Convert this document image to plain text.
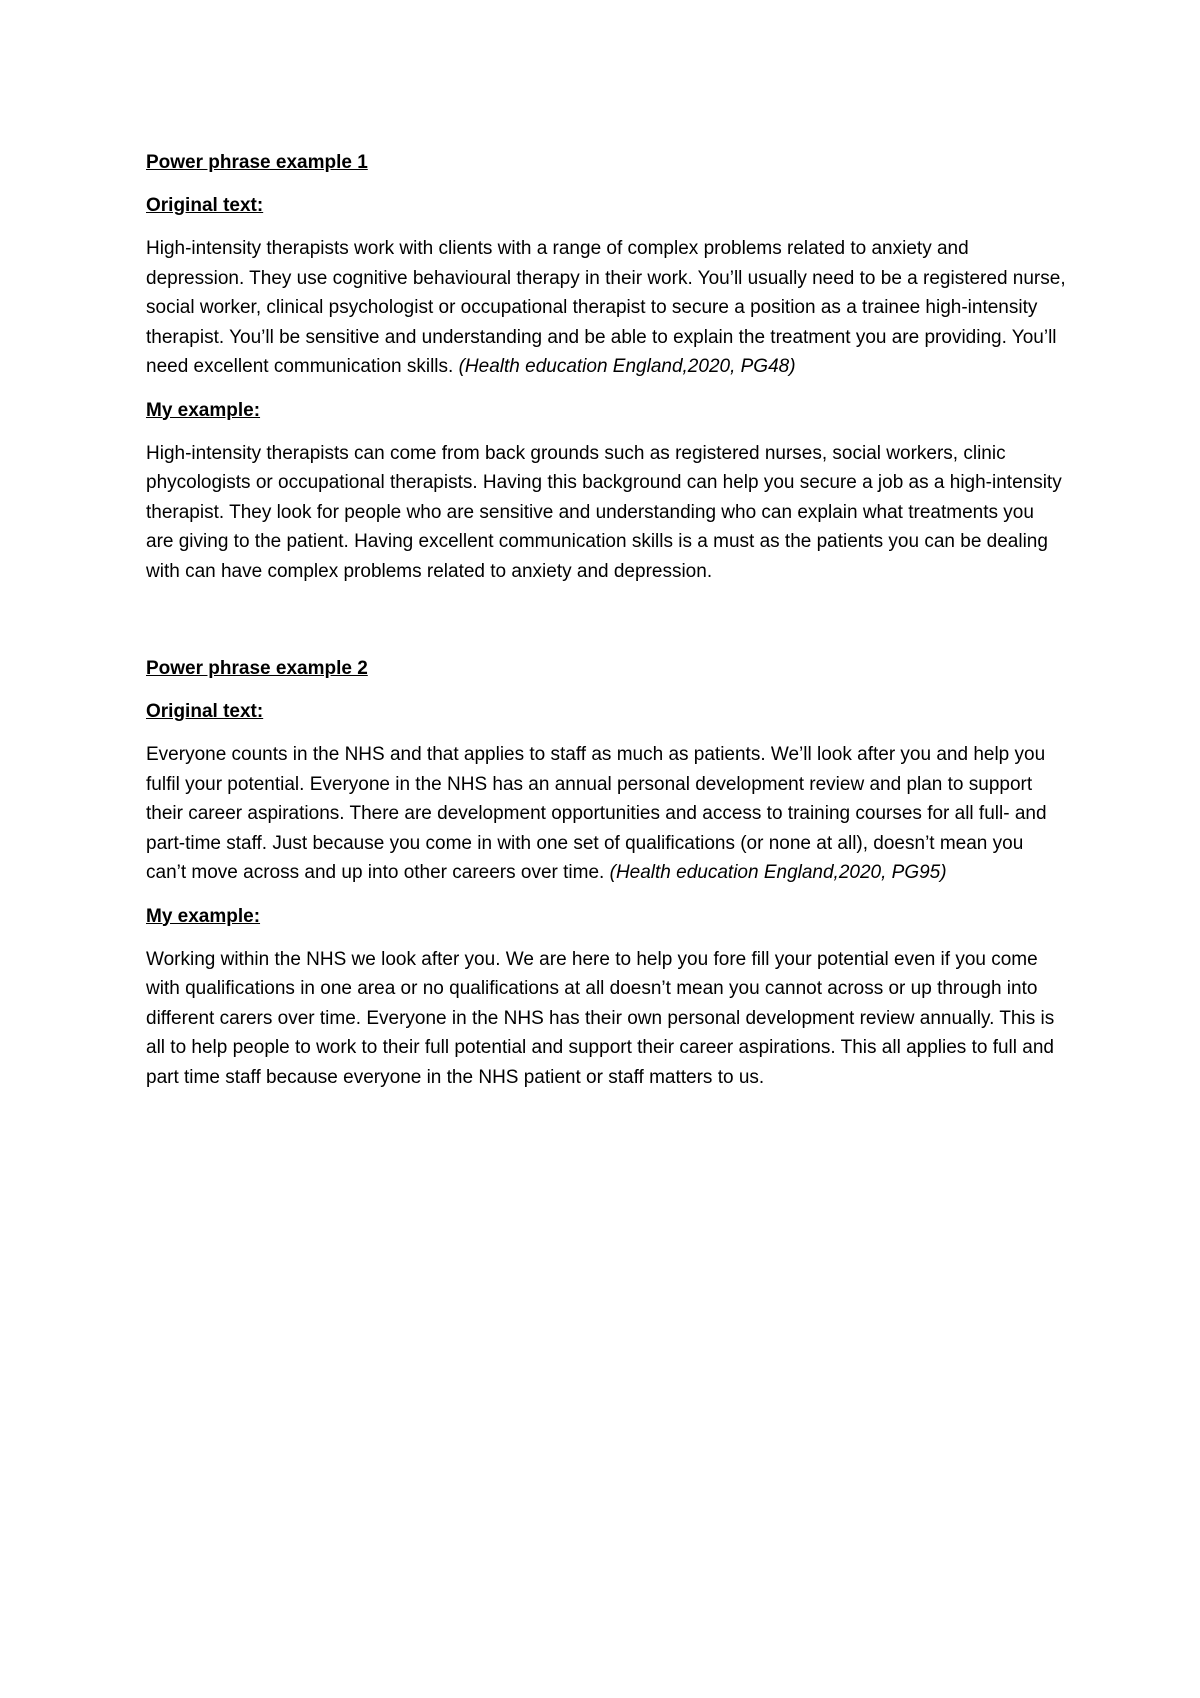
Power phrase example 1
Original text:

High-intensity therapists work with clients with a range of complex problems related to anxiety and depression. They use cognitive behavioural therapy in their work. You’ll usually need to be a registered nurse, social worker, clinical psychologist or occupational therapist to secure a position as a trainee high-intensity therapist. You’ll be sensitive and understanding and be able to explain the treatment you are providing. You’ll need excellent communication skills. (Health education England,2020, PG48)

My example:

High-intensity therapists can come from back grounds such as registered nurses, social workers, clinic phycologists or occupational therapists. Having this background can help you secure a job as a high-intensity therapist. They look for people who are sensitive and understanding who can explain what treatments you are giving to the patient. Having excellent communication skills is a must as the patients you can be dealing with can have complex problems related to anxiety and depression.

Power phrase example 2
Original text:

Everyone counts in the NHS and that applies to staff as much as patients. We’ll look after you and help you fulfil your potential. Everyone in the NHS has an annual personal development review and plan to support their career aspirations. There are development opportunities and access to training courses for all full- and part-time staff. Just because you come in with one set of qualifications (or none at all), doesn’t mean you can’t move across and up into other careers over time. (Health education England,2020, PG95)

My example:

Working within the NHS we look after you. We are here to help you fore fill your potential even if you come with qualifications in one area or no qualifications at all doesn’t mean you cannot across or up through into different carers over time. Everyone in the NHS has their own personal development review annually. This is all to help people to work to their full potential and support their career aspirations. This all applies to full and part time staff because everyone in the NHS patient or staff matters to us.
